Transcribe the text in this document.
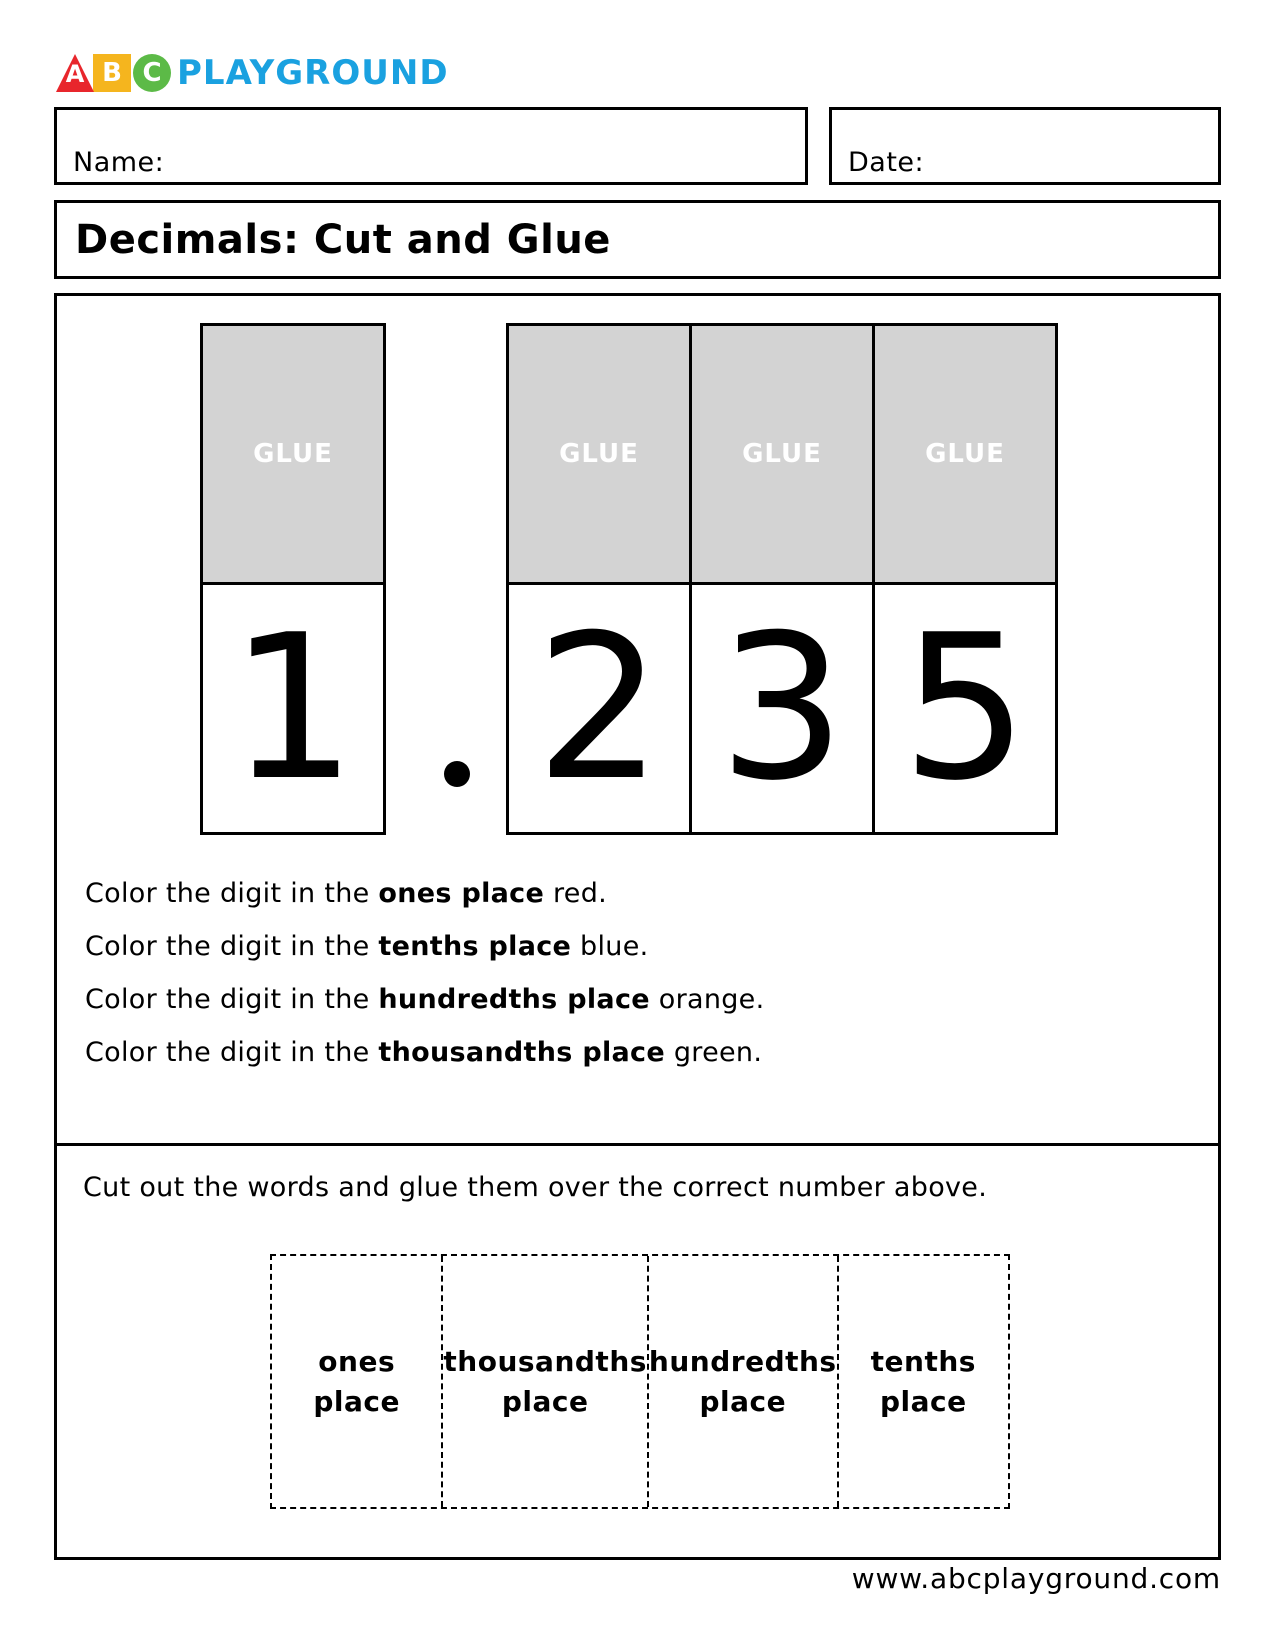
A B C PLAYGROUND
Name:	Date:
Decimals: Cut and Glue
GLUE
1
GLUE
2
GLUE
3
GLUE
5
Color the digit in the ones place red.
Color the digit in the tenths place blue.
Color the digit in the hundredths place orange.
Color the digit in the thousandths place green.
Cut out the words and glue them over the correct number above.
ones
place
thousandths
place
hundredths
place
tenths
place
www.abcplayground.com
